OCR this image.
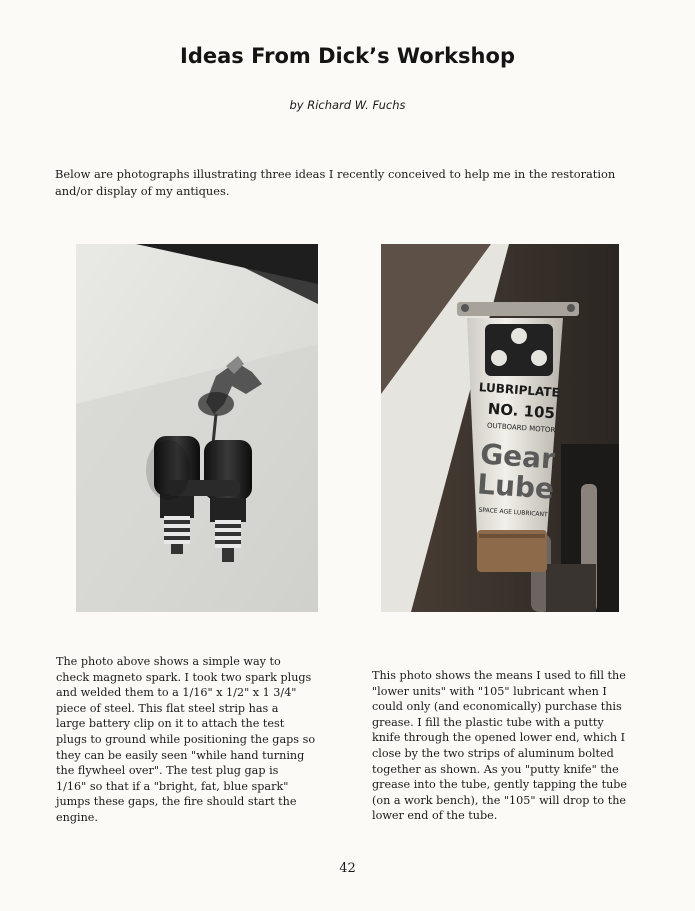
Ideas From Dick’s Workshop
by Richard W. Fuchs
Below are photographs illustrating three ideas I recently conceived to help me in the restoration
and/or display of my antiques.
LUBRIPLATE
NO. 105
OUTBOARD MOTOR
Gear
Lube
SPACE AGE LUBRICANT
The photo above shows a simple way to
check magneto spark. I took two spark plugs
and welded them to a 1/16" x 1/2" x 1 3/4"
piece of steel. This flat steel strip has a
large battery clip on it to attach the test
plugs to ground while positioning the gaps so
they can be easily seen "while hand turning
the flywheel over". The test plug gap is
1/16" so that if a "bright, fat, blue spark"
jumps these gaps, the fire should start the
engine.
This photo shows the means I used to fill the
"lower units" with "105" lubricant when I
could only (and economically) purchase this
grease. I fill the plastic tube with a putty
knife through the opened lower end, which I
close by the two strips of aluminum bolted
together as shown. As you "putty knife" the
grease into the tube, gently tapping the tube
(on a work bench), the "105" will drop to the
lower end of the tube.
42
